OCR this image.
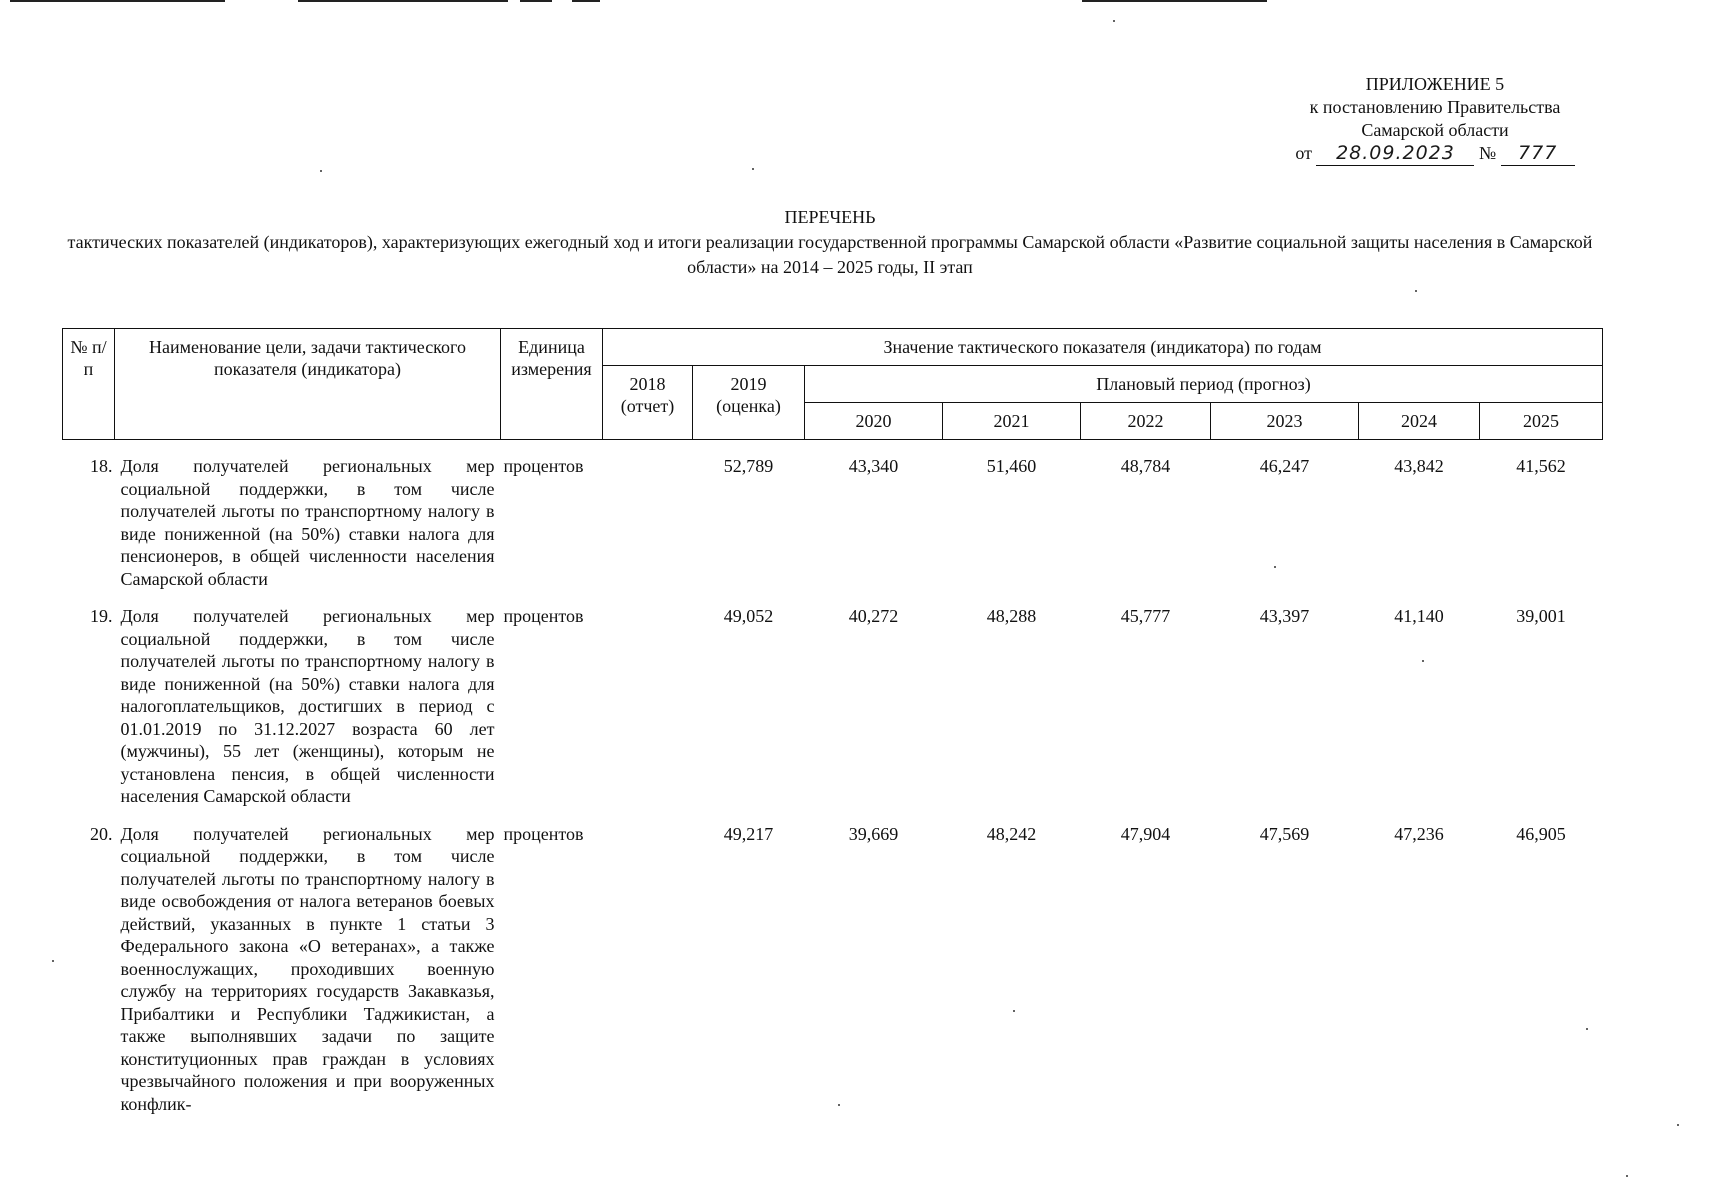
ПРИЛОЖЕНИЕ 5
к постановлению Правительства
Самарской области
от 28.09.2023 № 777
ПЕРЕЧЕНЬ
тактических показателей (индикаторов), характеризующих ежегодный ход и итоги реализации государственной программы Самарской области «Развитие социальной защиты населения в Самарской области» на 2014 – 2025 годы, II этап
№ п/п	Наименование цели, задачи тактического показателя (индикатора)	Единица измерения	Значение тактического показателя (индикатора) по годам							
			2018 (отчет)	2019 (оценка)	Плановый период (прогноз)					
					2020	2021	2022	2023	2024	2025

18.	Доля получателей региональных мер социальной поддержки, в том числе получателей льготы по транспортному налогу в виде пониженной (на 50%) ставки налога для пенсионеров, в общей численности населения Самарской области	процентов		52,789	43,340	51,460	48,784	46,247	43,842	41,562

19.	Доля получателей региональных мер социальной поддержки, в том числе получателей льготы по транспортному налогу в виде пониженной (на 50%) ставки налога для налогоплательщиков, достигших в период с 01.01.2019 по 31.12.2027 возраста 60 лет (мужчины), 55 лет (женщины), которым не установлена пенсия, в общей численности населения Самарской области	процентов		49,052	40,272	48,288	45,777	43,397	41,140	39,001

20.	Доля получателей региональных мер социальной поддержки, в том числе получателей льготы по транспортному налогу в виде освобождения от налога ветеранов боевых действий, указанных в пункте 1 статьи 3 Федерального закона «О ветеранах», а также военнослужащих, проходивших военную службу на территориях государств Закавказья, Прибалтики и Республики Таджикистан, а также выполнявших задачи по защите конституционных прав граждан в условиях чрезвычайного положения и при вооруженных конфлик-	процентов		49,217	39,669	48,242	47,904	47,569	47,236	46,905
